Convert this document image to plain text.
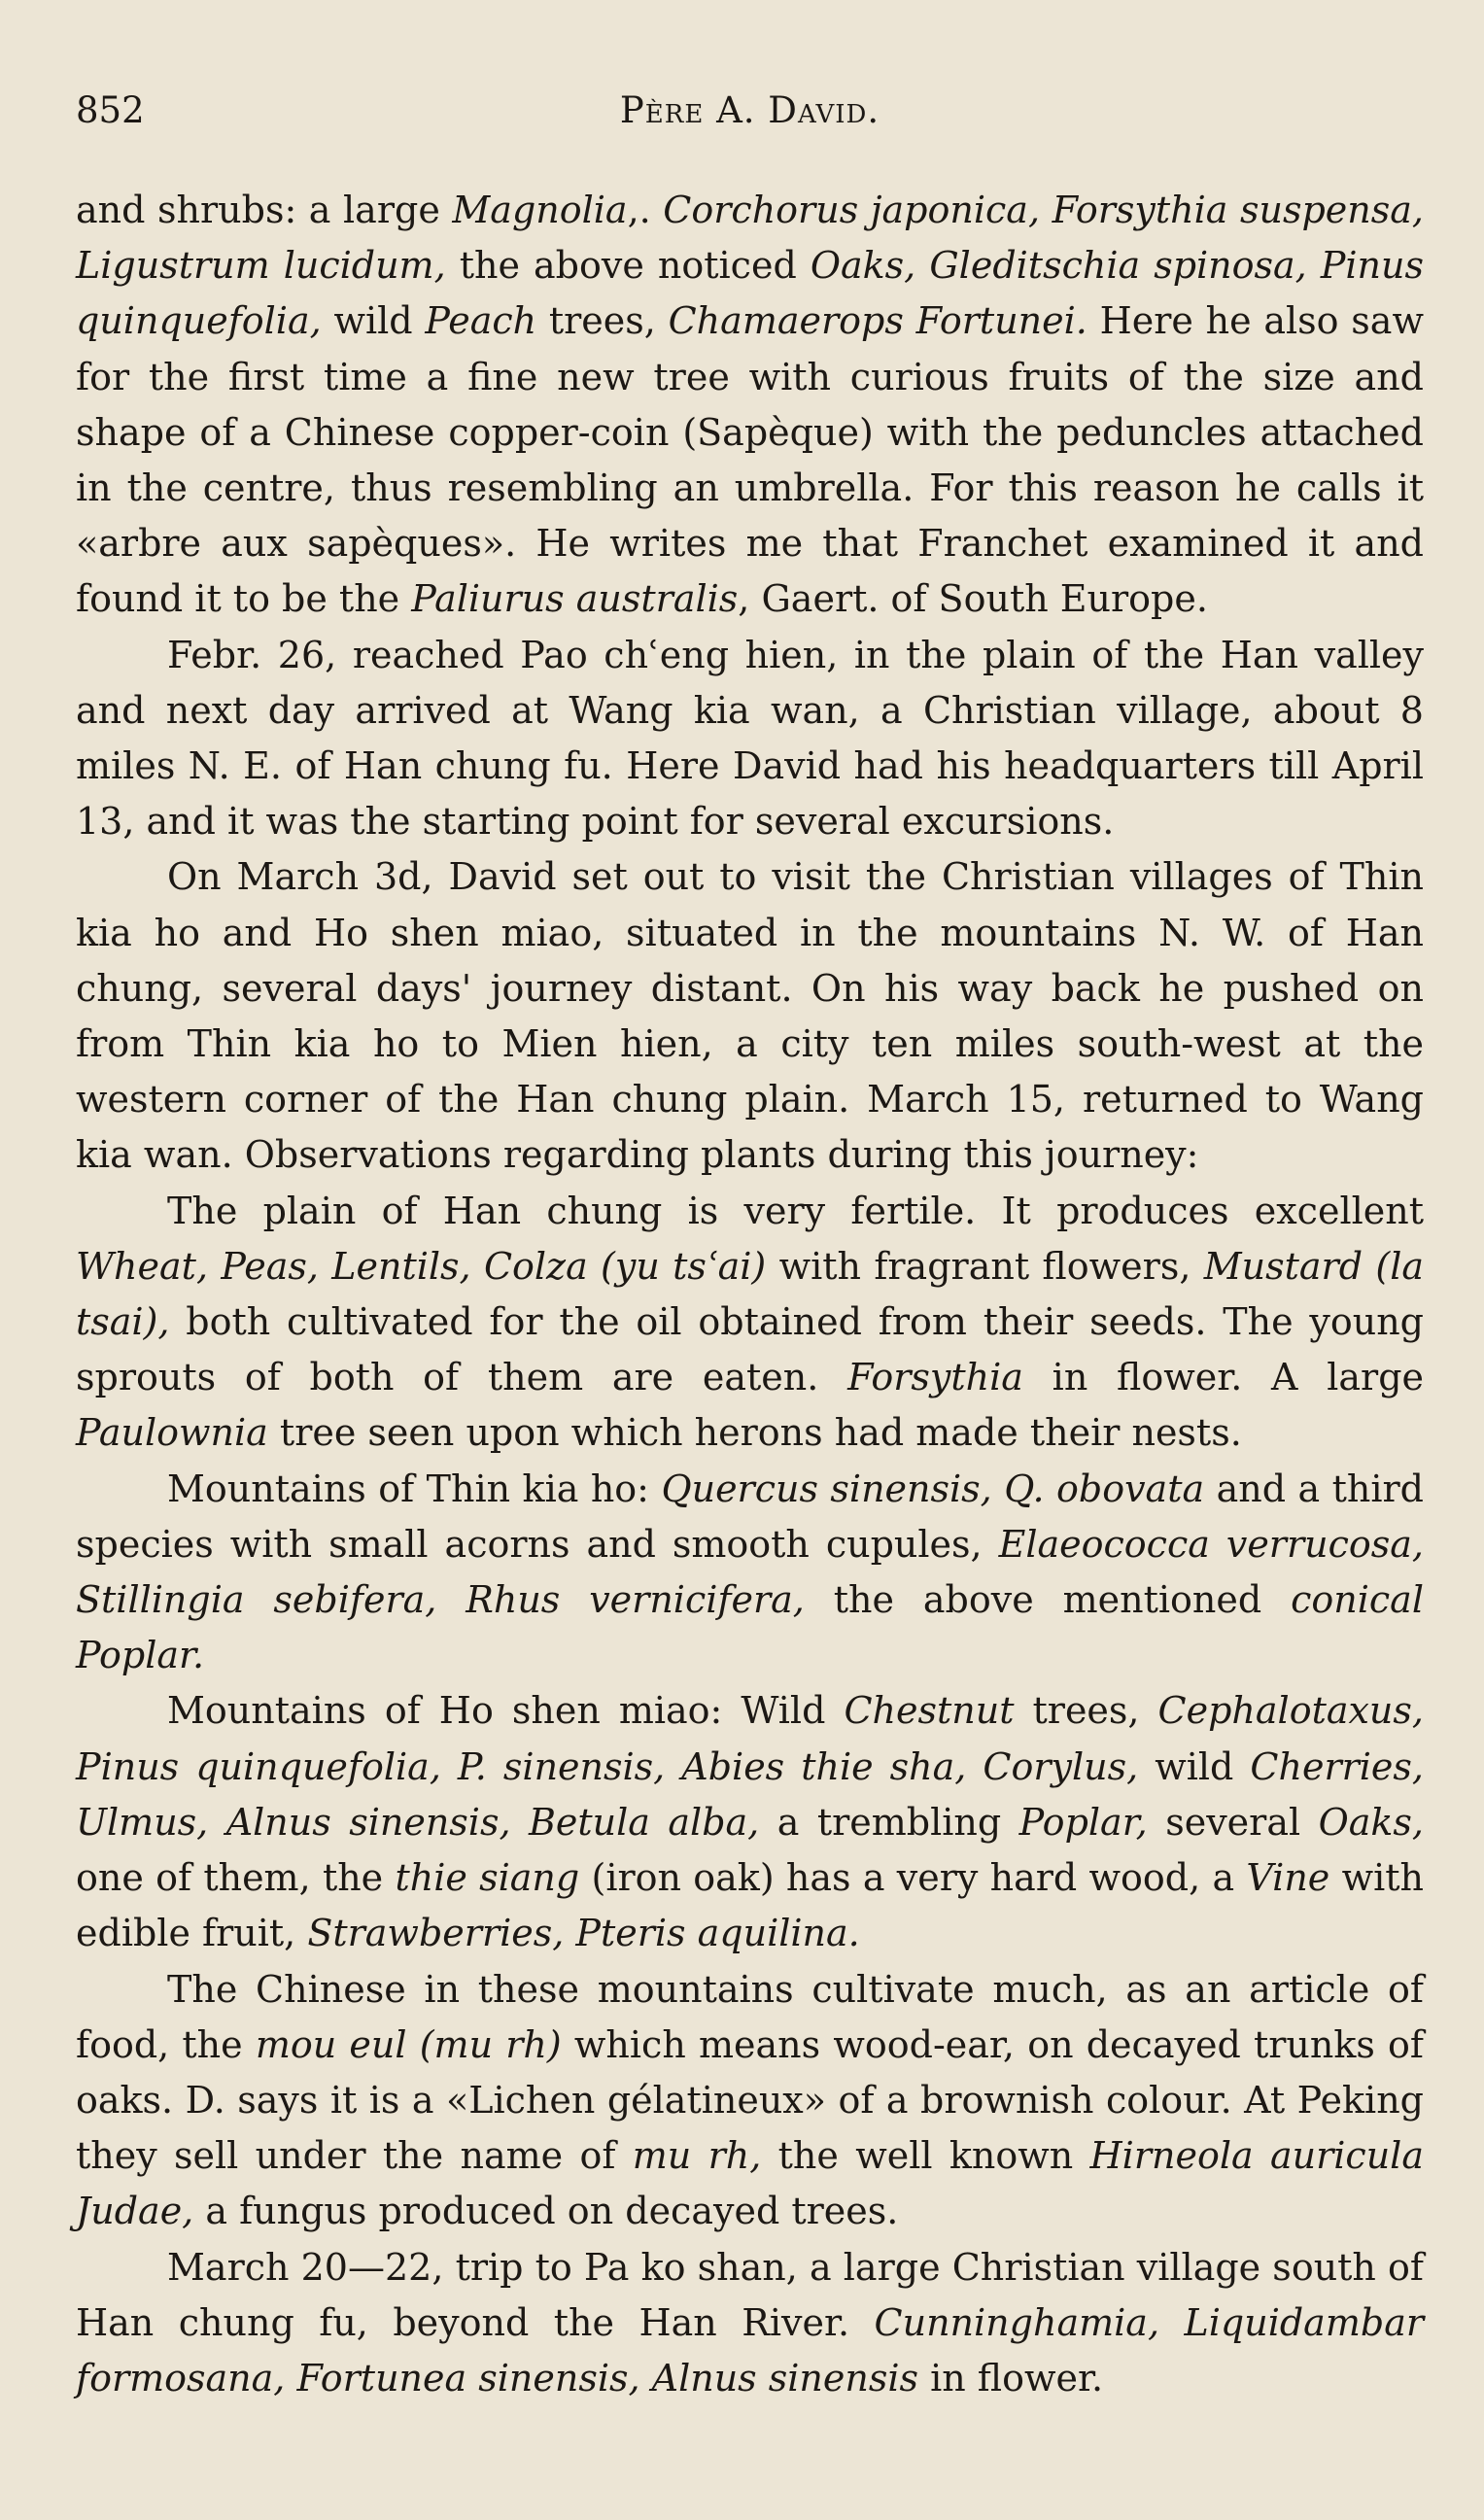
852	Père A. David.

and shrubs: a large Magnolia,. Corchorus japonica, Forsythia suspensa, Ligustrum lucidum, the above noticed Oaks, Gleditschia spinosa, Pinus quinquefolia, wild Peach trees, Chamaerops Fortunei. Here he also saw for the first time a fine new tree with curious fruits of the size and shape of a Chinese copper-coin (Sapèque) with the peduncles attached in the centre, thus resembling an umbrella. For this reason he calls it «arbre aux sapèques». He writes me that Franchet examined it and found it to be the Paliurus australis, Gaert. of South Europe.

Febr. 26, reached Pao chʿeng hien, in the plain of the Han valley and next day arrived at Wang kia wan, a Christian village, about 8 miles N. E. of Han chung fu. Here David had his headquarters till April 13, and it was the starting point for several excursions.

On March 3d, David set out to visit the Christian villages of Thin kia ho and Ho shen miao, situated in the mountains N. W. of Han chung, several days' journey distant. On his way back he pushed on from Thin kia ho to Mien hien, a city ten miles south-west at the western corner of the Han chung plain. March 15, returned to Wang kia wan. Observations regarding plants during this journey:

The plain of Han chung is very fertile. It produces excellent Wheat, Peas, Lentils, Colza (yu tsʿai) with fragrant flowers, Mustard (la tsai), both cultivated for the oil obtained from their seeds. The young sprouts of both of them are eaten. Forsythia in flower. A large Paulownia tree seen upon which herons had made their nests.

Mountains of Thin kia ho: Quercus sinensis, Q. obovata and a third species with small acorns and smooth cupules, Elaeococca verrucosa, Stillingia sebifera, Rhus vernicifera, the above mentioned conical Poplar.

Mountains of Ho shen miao: Wild Chestnut trees, Cephalotaxus, Pinus quinquefolia, P. sinensis, Abies thie sha, Corylus, wild Cherries, Ulmus, Alnus sinensis, Betula alba, a trembling Poplar, several Oaks, one of them, the thie siang (iron oak) has a very hard wood, a Vine with edible fruit, Strawberries, Pteris aquilina.

The Chinese in these mountains cultivate much, as an article of food, the mou eul (mu rh) which means wood-ear, on decayed trunks of oaks. D. says it is a «Lichen gélatineux» of a brownish colour. At Peking they sell under the name of mu rh, the well known Hirneola auricula Judae, a fungus produced on decayed trees.

March 20—22, trip to Pa ko shan, a large Christian village south of Han chung fu, beyond the Han River. Cunninghamia, Liquidambar formosana, Fortunea sinensis, Alnus sinensis in flower.
